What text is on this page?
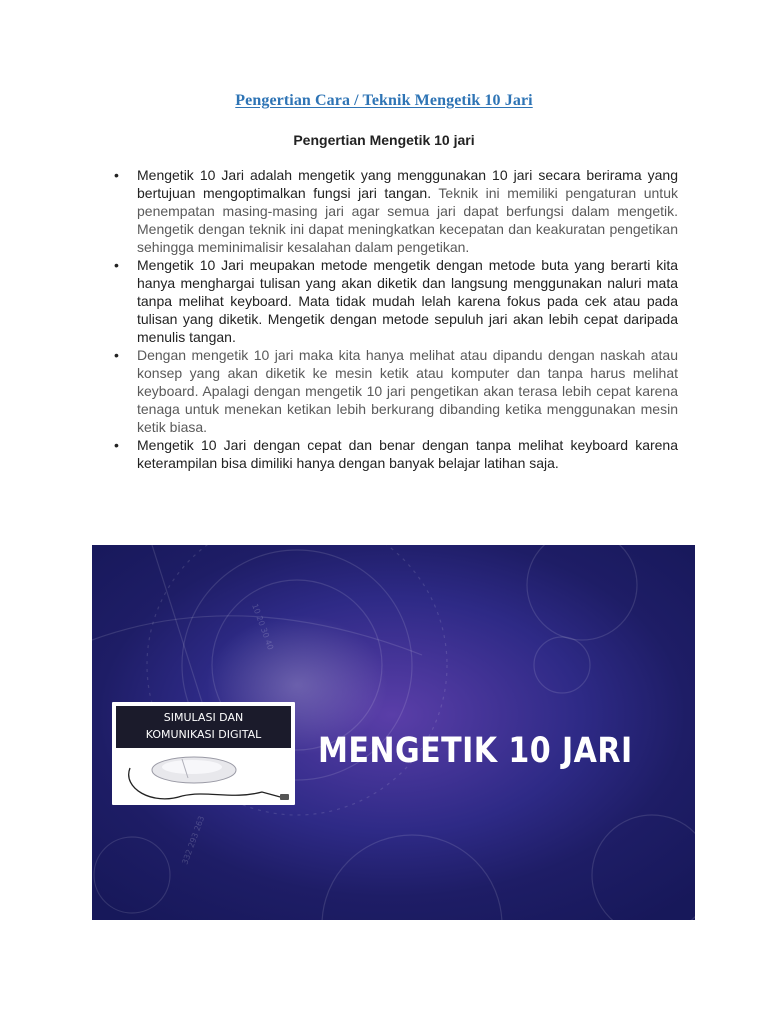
Pengertian Cara / Teknik Mengetik 10 Jari
Pengertian Mengetik 10 jari
• Mengetik 10 Jari adalah mengetik yang menggunakan 10 jari secara berirama yang bertujuan mengoptimalkan fungsi jari tangan. Teknik ini memiliki pengaturan untuk penempatan masing-masing jari agar semua jari dapat berfungsi dalam mengetik. Mengetik dengan teknik ini dapat meningkatkan kecepatan dan keakuratan pengetikan sehingga meminimalisir kesalahan dalam pengetikan.
• Mengetik 10 Jari meupakan metode mengetik dengan metode buta yang berarti kita hanya menghargai tulisan yang akan diketik dan langsung menggunakan naluri mata tanpa melihat keyboard. Mata tidak mudah lelah karena fokus pada cek atau pada tulisan yang diketik. Mengetik dengan metode sepuluh jari akan lebih cepat daripada menulis tangan.
• Dengan mengetik 10 jari maka kita hanya melihat atau dipandu dengan naskah atau konsep yang akan diketik ke mesin ketik atau komputer dan tanpa harus melihat keyboard. Apalagi dengan mengetik 10 jari pengetikan akan terasa lebih cepat karena tenaga untuk menekan ketikan lebih berkurang dibanding ketika menggunakan mesin ketik biasa.
• Mengetik 10 Jari dengan cepat dan benar dengan tanpa melihat keyboard karena keterampilan bisa dimiliki hanya dengan banyak belajar latihan saja.
10 20 30 40
332 293 263
SIMULASI DAN
KOMUNIKASI DIGITAL	MENGETIK 10 JARI
